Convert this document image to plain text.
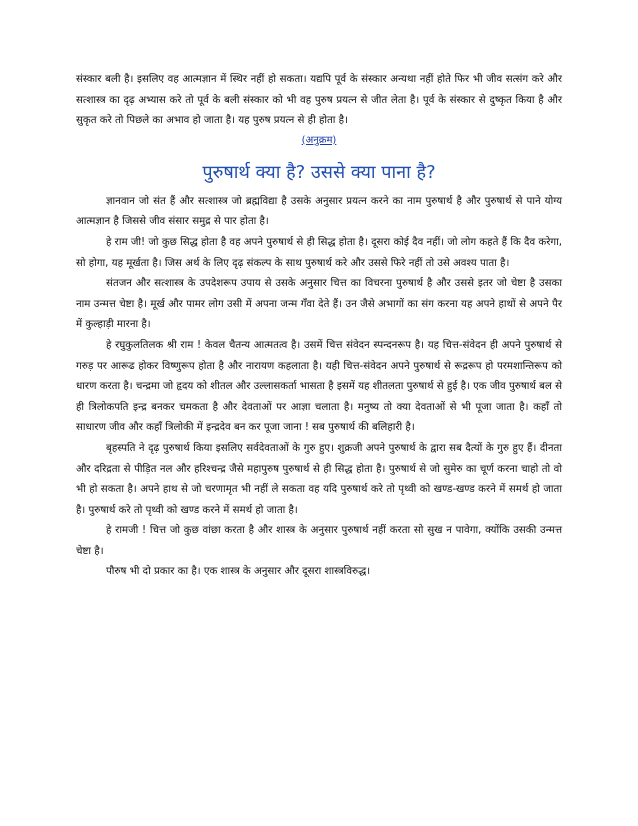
संस्कार बली है। इसलिए वह आत्मज्ञान में स्थिर नहीं हो सकता। यद्यपि पूर्व के संस्कार अन्यथा नहीं होते फिर भी जीव सत्संग करे और सत्शास्त्र का दृढ़ अभ्यास करे तो पूर्व के बली संस्कार को भी वह पुरुष प्रयत्न से जीत लेता है। पूर्व के संस्कार से दुष्कृत किया है और सुकृत करे तो पिछले का अभाव हो जाता है। यह पुरुष प्रयत्न से ही होता है।

(अनुक्रम)
पुरुषार्थ क्या है? उससे क्या पाना है?

ज्ञानवान जो संत हैं और सत्शास्त्र जो ब्रह्मविद्या है उसके अनुसार प्रयत्न करने का नाम पुरुषार्थ है और पुरुषार्थ से पाने योग्य आत्मज्ञान है जिससे जीव संसार समुद्र से पार होता है।

हे राम जी! जो कुछ सिद्ध होता है वह अपने पुरुषार्थ से ही सिद्ध होता है। दूसरा कोई दैव नहीं। जो लोग कहते हैं कि दैव करेगा, सो होगा, यह मूर्खता है। जिस अर्थ के लिए दृढ़ संकल्प के साथ पुरुषार्थ करे और उससे फिरे नहीं तो उसे अवश्य पाता है।

संतजन और सत्शास्त्र के उपदेशरूप उपाय से उसके अनुसार चित्त का विचरना पुरुषार्थ है और उससे इतर जो चेष्टा है उसका नाम उन्मत्त चेष्टा है। मूर्ख और पामर लोग उसी में अपना जन्म गँवा देते हैं। उन जैसे अभागों का संग करना यह अपने हाथों से अपने पैर में कुल्हाड़ी मारना है।

हे रघुकुलतिलक श्री राम ! केवल चैतन्य आत्मतत्व है। उसमें चित्त संवेदन स्पन्दनरूप है। यह चित्त-संवेदन ही अपने पुरुषार्थ से गरुड़ पर आरूढ होकर विष्णुरूप होता है और नारायण कहलाता है। यही चित्त-संवेदन अपने पुरुषार्थ से रूद्ररूप हो परमशान्तिरूप को धारण करता है। चन्द्रमा जो हृदय को शीतल और उल्लासकर्ता भासता है इसमें यह शीतलता पुरुषार्थ से हुई है। एक जीव पुरुषार्थ बल से ही त्रिलोकपति इन्द्र बनकर चमकता है और देवताओं पर आज्ञा चलाता है। मनुष्य तो क्या देवताओं से भी पूजा जाता है। कहाँ तो साधारण जीव और कहाँ त्रिलोकी में इन्द्रदेव बन कर पूजा जाना ! सब पुरुषार्थ की बलिहारी है।

बृहस्पति ने दृढ़ पुरुषार्थ किया इसलिए सर्वदेवताओं के गुरु हुए। शुक्रजी अपने पुरुषार्थ के द्वारा सब दैत्यों के गुरु हुए हैं। दीनता और दरिद्रता से पीड़ित नल और हरिश्चन्द्र जैसे महापुरुष पुरुषार्थ से ही सिद्ध होता है। पुरुषार्थ से जो सुमेरु का चूर्ण करना चाहो तो वो भी हो सकता है। अपने हाथ से जो चरणामृत भी नहीं ले सकता वह यदि पुरुषार्थ करे तो पृथ्वी को खण्ड-खण्ड करने में समर्थ हो जाता है। पुरुषार्थ करे तो पृथ्वी को खण्ड करने में समर्थ हो जाता है।

हे रामजी ! चित्त जो कुछ वांछा करता है और शास्त्र के अनुसार पुरुषार्थ नहीं करता सो सुख न पावेगा, क्योंकि उसकी उन्मत्त चेष्टा है।

पौरुष भी दो प्रकार का है। एक शास्त्र के अनुसार और दूसरा शास्त्रविरुद्ध।
